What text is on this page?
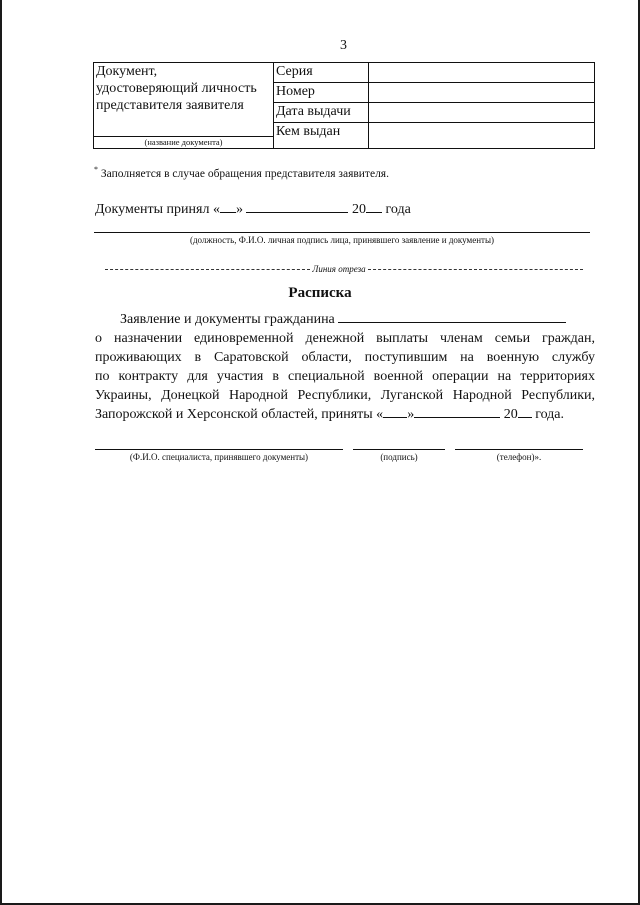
3
Документ,
удостоверяющий личность
представителя заявителя
(название документа)	Серия	
	Номер	
	Дата выдачи	
	Кем выдан	
* Заполняется в случае обращения представителя заявителя.
Документы принял « »	20 года
(должность, Ф.И.О. личная подпись лица, принявшего заявление и документы)
Линия отреза
Расписка
Заявление и документы гражданина
о назначении единовременной денежной выплаты членам семьи граждан,
проживающих в Саратовской области, поступившим на военную службу
по контракту для участия в специальной военной операции на территориях
Украины, Донецкой Народной Республики, Луганской Народной Республики,
Запорожской и Херсонской областей, приняты « »	20 года.
(Ф.И.О. специалиста, принявшего документы)	(подпись)	(телефон)».
